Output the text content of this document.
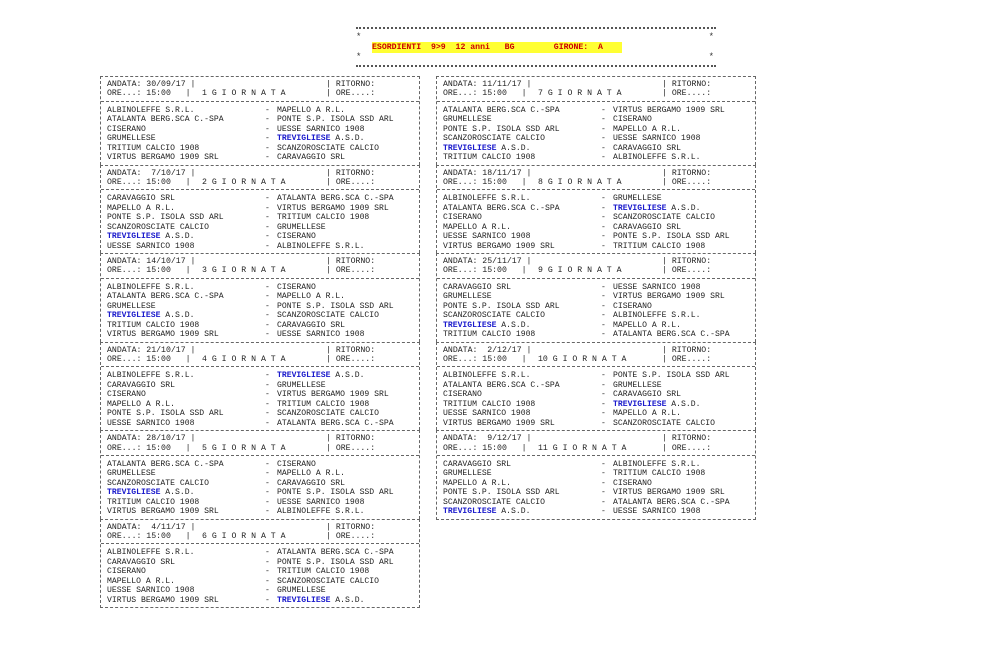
*	*
*	*
ESORDIENTI  9>9  12 anni   BG        GIRONE:  A
ANDATA: 30/09/17 |	| RITORNO:
ORE...: 15:00   |	1 G I O R N A T A	| ORE....:
ALBINOLEFFE S.R.L.	- MAPELLO A R.L.
ATALANTA BERG.SCA C.-SPA	- PONTE S.P. ISOLA SSD ARL
CISERANO	- UESSE SARNICO 1908
GRUMELLESE	- TREVIGLIESE A.S.D.
TRITIUM CALCIO 1908	- SCANZOROSCIATE CALCIO
VIRTUS BERGAMO 1909 SRL	- CARAVAGGIO SRL
ANDATA:  7/10/17 |	| RITORNO:
ORE...: 15:00   |	2 G I O R N A T A	| ORE....:
CARAVAGGIO SRL	- ATALANTA BERG.SCA C.-SPA
MAPELLO A R.L.	- VIRTUS BERGAMO 1909 SRL
PONTE S.P. ISOLA SSD ARL	- TRITIUM CALCIO 1908
SCANZOROSCIATE CALCIO	- GRUMELLESE
TREVIGLIESE A.S.D.	- CISERANO
UESSE SARNICO 1908	- ALBINOLEFFE S.R.L.
ANDATA: 14/10/17 |	| RITORNO:
ORE...: 15:00   |	3 G I O R N A T A	| ORE....:
ALBINOLEFFE S.R.L.	- CISERANO
ATALANTA BERG.SCA C.-SPA	- MAPELLO A R.L.
GRUMELLESE	- PONTE S.P. ISOLA SSD ARL
TREVIGLIESE A.S.D.	- SCANZOROSCIATE CALCIO
TRITIUM CALCIO 1908	- CARAVAGGIO SRL
VIRTUS BERGAMO 1909 SRL	- UESSE SARNICO 1908
ANDATA: 21/10/17 |	| RITORNO:
ORE...: 15:00   |	4 G I O R N A T A	| ORE....:
ALBINOLEFFE S.R.L.	- TREVIGLIESE A.S.D.
CARAVAGGIO SRL	- GRUMELLESE
CISERANO	- VIRTUS BERGAMO 1909 SRL
MAPELLO A R.L.	- TRITIUM CALCIO 1908
PONTE S.P. ISOLA SSD ARL	- SCANZOROSCIATE CALCIO
UESSE SARNICO 1908	- ATALANTA BERG.SCA C.-SPA
ANDATA: 28/10/17 |	| RITORNO:
ORE...: 15:00   |	5 G I O R N A T A	| ORE....:
ATALANTA BERG.SCA C.-SPA	- CISERANO
GRUMELLESE	- MAPELLO A R.L.
SCANZOROSCIATE CALCIO	- CARAVAGGIO SRL
TREVIGLIESE A.S.D.	- PONTE S.P. ISOLA SSD ARL
TRITIUM CALCIO 1908	- UESSE SARNICO 1908
VIRTUS BERGAMO 1909 SRL	- ALBINOLEFFE S.R.L.
ANDATA:  4/11/17 |	| RITORNO:
ORE...: 15:00   |	6 G I O R N A T A	| ORE....:
ALBINOLEFFE S.R.L.	- ATALANTA BERG.SCA C.-SPA
CARAVAGGIO SRL	- PONTE S.P. ISOLA SSD ARL
CISERANO	- TRITIUM CALCIO 1908
MAPELLO A R.L.	- SCANZOROSCIATE CALCIO
UESSE SARNICO 1908	- GRUMELLESE
VIRTUS BERGAMO 1909 SRL	- TREVIGLIESE A.S.D.
ANDATA: 11/11/17 |	| RITORNO:
ORE...: 15:00   |	7 G I O R N A T A	| ORE....:
ATALANTA BERG.SCA C.-SPA	- VIRTUS BERGAMO 1909 SRL
GRUMELLESE	- CISERANO
PONTE S.P. ISOLA SSD ARL	- MAPELLO A R.L.
SCANZOROSCIATE CALCIO	- UESSE SARNICO 1908
TREVIGLIESE A.S.D.	- CARAVAGGIO SRL
TRITIUM CALCIO 1908	- ALBINOLEFFE S.R.L.
ANDATA: 18/11/17 |	| RITORNO:
ORE...: 15:00   |	8 G I O R N A T A	| ORE....:
ALBINOLEFFE S.R.L.	- GRUMELLESE
ATALANTA BERG.SCA C.-SPA	- TREVIGLIESE A.S.D.
CISERANO	- SCANZOROSCIATE CALCIO
MAPELLO A R.L.	- CARAVAGGIO SRL
UESSE SARNICO 1908	- PONTE S.P. ISOLA SSD ARL
VIRTUS BERGAMO 1909 SRL	- TRITIUM CALCIO 1908
ANDATA: 25/11/17 |	| RITORNO:
ORE...: 15:00   |	9 G I O R N A T A	| ORE....:
CARAVAGGIO SRL	- UESSE SARNICO 1908
GRUMELLESE	- VIRTUS BERGAMO 1909 SRL
PONTE S.P. ISOLA SSD ARL	- CISERANO
SCANZOROSCIATE CALCIO	- ALBINOLEFFE S.R.L.
TREVIGLIESE A.S.D.	- MAPELLO A R.L.
TRITIUM CALCIO 1908	- ATALANTA BERG.SCA C.-SPA
ANDATA:  2/12/17 |	| RITORNO:
ORE...: 15:00   |	10 G I O R N A T A	| ORE....:
ALBINOLEFFE S.R.L.	- PONTE S.P. ISOLA SSD ARL
ATALANTA BERG.SCA C.-SPA	- GRUMELLESE
CISERANO	- CARAVAGGIO SRL
TRITIUM CALCIO 1908	- TREVIGLIESE A.S.D.
UESSE SARNICO 1908	- MAPELLO A R.L.
VIRTUS BERGAMO 1909 SRL	- SCANZOROSCIATE CALCIO
ANDATA:  9/12/17 |	| RITORNO:
ORE...: 15:00   |	11 G I O R N A T A	| ORE....:
CARAVAGGIO SRL	- ALBINOLEFFE S.R.L.
GRUMELLESE	- TRITIUM CALCIO 1908
MAPELLO A R.L.	- CISERANO
PONTE S.P. ISOLA SSD ARL	- VIRTUS BERGAMO 1909 SRL
SCANZOROSCIATE CALCIO	- ATALANTA BERG.SCA C.-SPA
TREVIGLIESE A.S.D.	- UESSE SARNICO 1908
